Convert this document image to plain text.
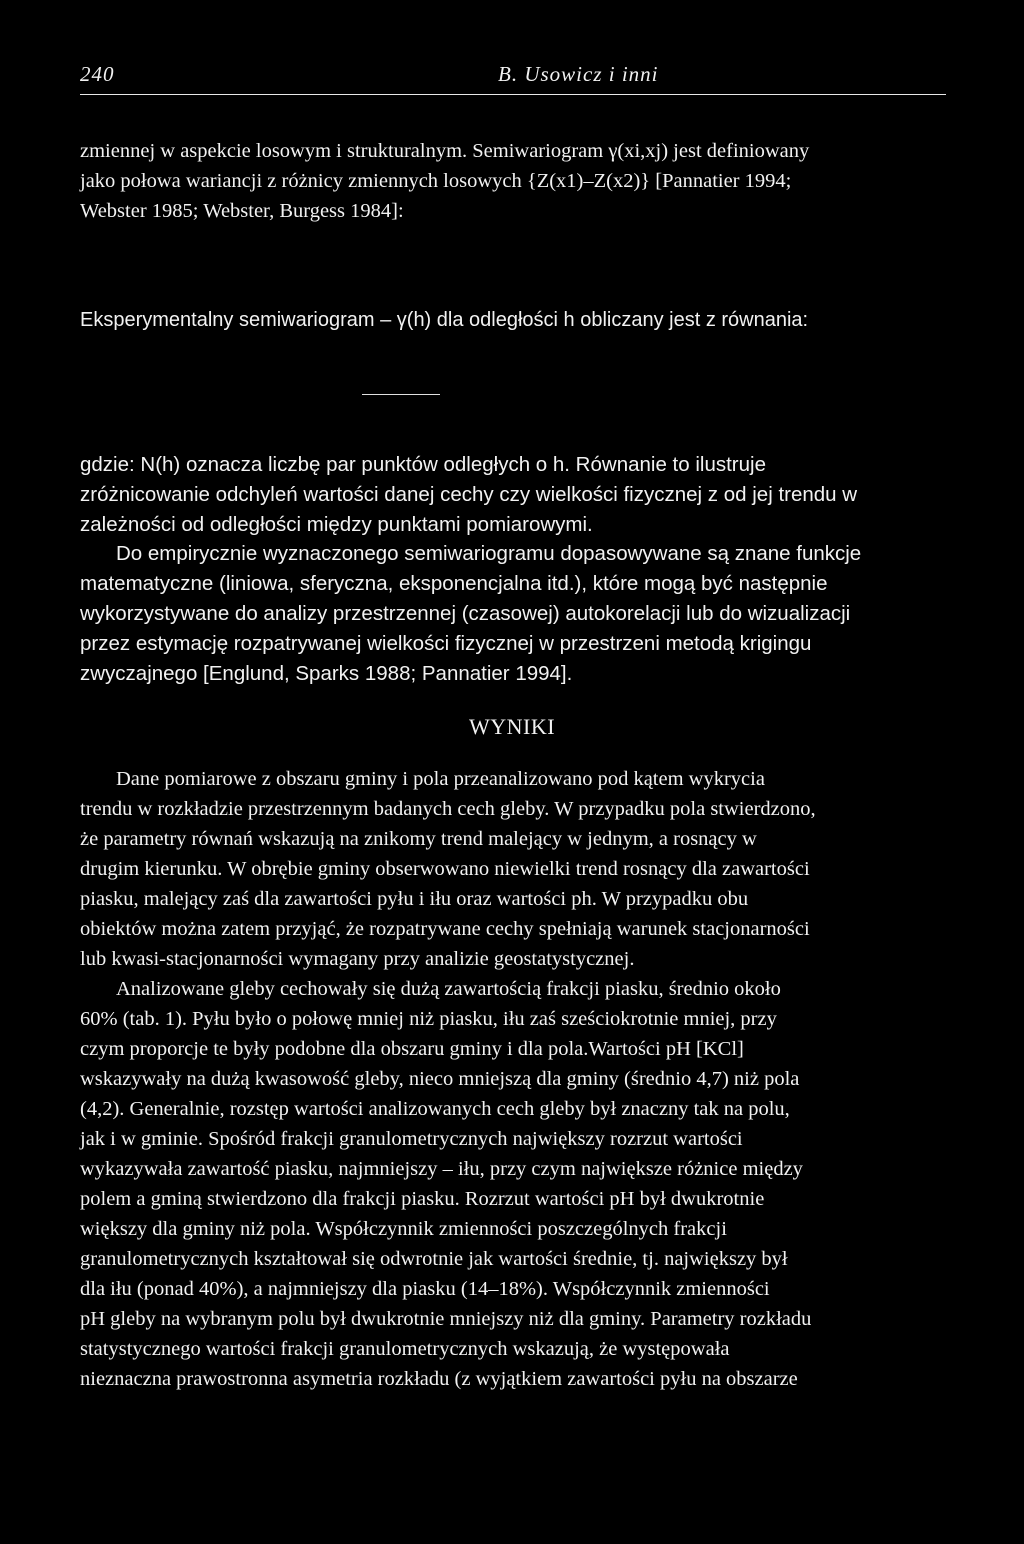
240	B. Usowicz i inni

zmiennej w aspekcie losowym i strukturalnym. Semiwariogram γ(xi,xj) jest definiowany
jako połowa wariancji z różnicy zmiennych losowych {Z(x1)–Z(x2)} [Pannatier 1994;
Webster 1985; Webster, Burgess 1984]:

Eksperymentalny semiwariogram – γ(h) dla odległości h obliczany jest z równania:

gdzie: N(h) oznacza liczbę par punktów odległych o h. Równanie to ilustruje
zróżnicowanie odchyleń wartości danej cechy czy wielkości fizycznej z od jej trendu w
zależności od odległości między punktami pomiarowymi.

Do empirycznie wyznaczonego semiwariogramu dopasowywane są znane funkcje
matematyczne (liniowa, sferyczna, eksponencjalna itd.), które mogą być następnie
wykorzystywane do analizy przestrzennej (czasowej) autokorelacji lub do wizualizacji
przez estymację rozpatrywanej wielkości fizycznej w przestrzeni metodą krigingu
zwyczajnego [Englund, Sparks 1988; Pannatier 1994].

WYNIKI

Dane pomiarowe z obszaru gminy i pola przeanalizowano pod kątem wykrycia
trendu w rozkładzie przestrzennym badanych cech gleby. W przypadku pola stwierdzono,
że parametry równań wskazują na znikomy trend malejący w jednym, a rosnący w
drugim kierunku. W obrębie gminy obserwowano niewielki trend rosnący dla zawartości
piasku, malejący zaś dla zawartości pyłu i iłu oraz wartości ph. W przypadku obu
obiektów można zatem przyjąć, że rozpatrywane cechy spełniają warunek stacjonarności
lub kwasi-stacjonarności wymagany przy analizie geostatystycznej.

Analizowane gleby cechowały się dużą zawartością frakcji piasku, średnio około
60% (tab. 1). Pyłu było o połowę mniej niż piasku, iłu zaś sześciokrotnie mniej, przy
czym proporcje te były podobne dla obszaru gminy i dla pola.Wartości pH [KCl]
wskazywały na dużą kwasowość gleby, nieco mniejszą dla gminy (średnio 4,7) niż pola
(4,2). Generalnie, rozstęp wartości analizowanych cech gleby był znaczny tak na polu,
jak i w gminie. Spośród frakcji granulometrycznych największy rozrzut wartości
wykazywała zawartość piasku, najmniejszy – iłu, przy czym największe różnice między
polem a gminą stwierdzono dla frakcji piasku. Rozrzut wartości pH był dwukrotnie
większy dla gminy niż pola. Współczynnik zmienności poszczególnych frakcji
granulometrycznych kształtował się odwrotnie jak wartości średnie, tj. największy był
dla iłu (ponad 40%), a najmniejszy dla piasku (14–18%). Współczynnik zmienności
pH gleby na wybranym polu był dwukrotnie mniejszy niż dla gminy. Parametry rozkładu
statystycznego wartości frakcji granulometrycznych wskazują, że występowała
nieznaczna prawostronna asymetria rozkładu (z wyjątkiem zawartości pyłu na obszarze
